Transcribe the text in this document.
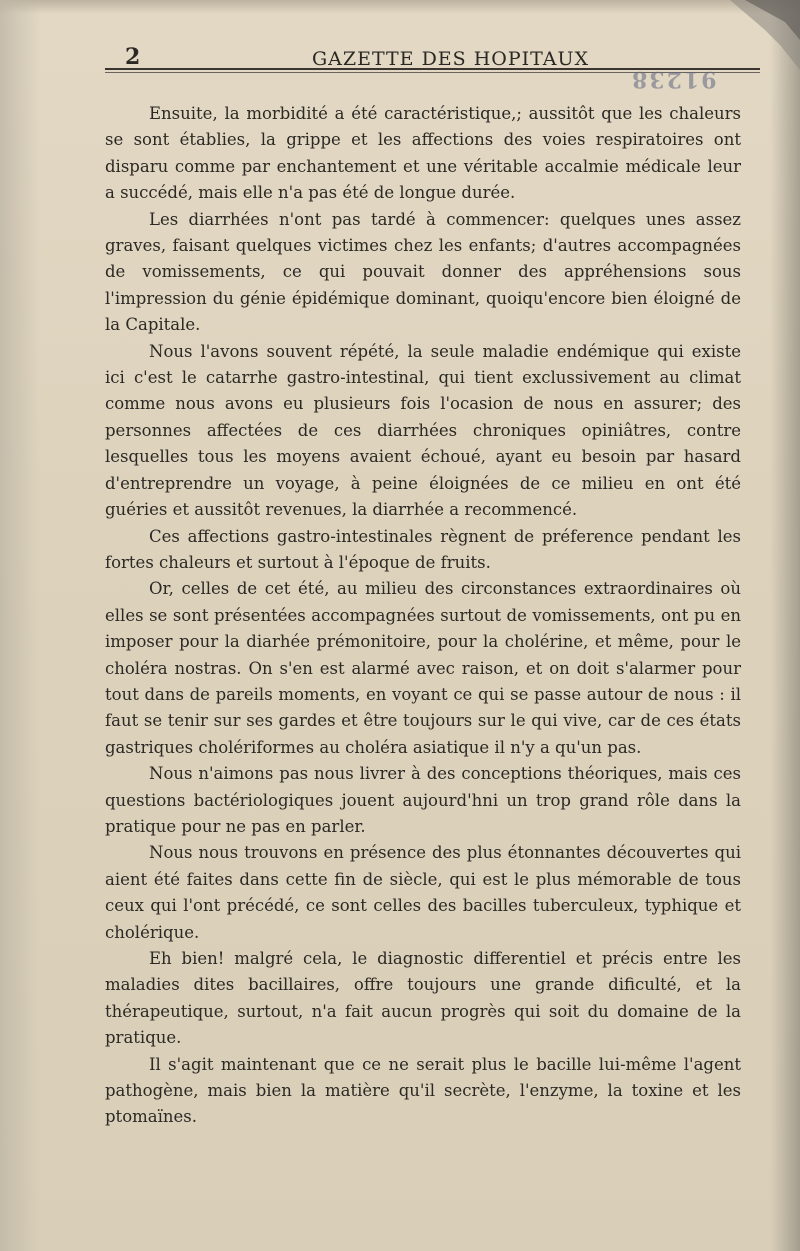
2	GAZETTE DES HOPITAUX
91238

Ensuite, la morbidité a été caractéristique,; aussitôt que les chaleurs se sont établies, la grippe et les affections des voies respiratoires ont disparu comme par enchantement et une véritable accalmie médicale leur a succédé, mais elle n'a pas été de longue durée.

Les diarrhées n'ont pas tardé à commencer: quelques unes assez graves, faisant quelques victimes chez les enfants; d'autres accompagnées de vomissements, ce qui pouvait donner des appréhensions sous l'impression du génie épidémique dominant, quoiqu'encore bien éloigné de la Capitale.

Nous l'avons souvent répété, la seule maladie endémique qui existe ici c'est le catarrhe gastro-intestinal, qui tient exclussivement au climat comme nous avons eu plusieurs fois l'ocasion de nous en assurer; des personnes affectées de ces diarrhées chroniques opiniâtres, contre lesquelles tous les moyens avaient échoué, ayant eu besoin par hasard d'entreprendre un voyage, à peine éloignées de ce milieu en ont été guéries et aussitôt revenues, la diarrhée a recommencé.

Ces affections gastro-intestinales règnent de préference pendant les fortes chaleurs et surtout à l'époque de fruits.

Or, celles de cet été, au milieu des circonstances extraordinaires où elles se sont présentées accompagnées surtout de vomissements, ont pu en imposer pour la diarhée prémonitoire, pour la cholérine, et même, pour le choléra nostras. On s'en est alarmé avec raison, et on doit s'alarmer pour tout dans de pareils moments, en voyant ce qui se passe autour de nous : il faut se tenir sur ses gardes et être toujours sur le qui vive, car de ces états gastriques cholériformes au choléra asiatique il n'y a qu'un pas.

Nous n'aimons pas nous livrer à des conceptions théoriques, mais ces questions bactériologiques jouent aujourd'hni un trop grand rôle dans la pratique pour ne pas en parler.

Nous nous trouvons en présence des plus étonnantes découvertes qui aient été faites dans cette fin de siècle, qui est le plus mémorable de tous ceux qui l'ont précédé, ce sont celles des bacilles tuberculeux, typhique et cholérique.

Eh bien! malgré cela, le diagnostic differentiel et précis entre les maladies dites bacillaires, offre toujours une grande dificulté, et la thérapeutique, surtout, n'a fait aucun progrès qui soit du domaine de la pratique.

Il s'agit maintenant que ce ne serait plus le bacille lui-même l'agent pathogène, mais bien la matière qu'il secrète, l'enzyme, la toxine et les ptomaïnes.
